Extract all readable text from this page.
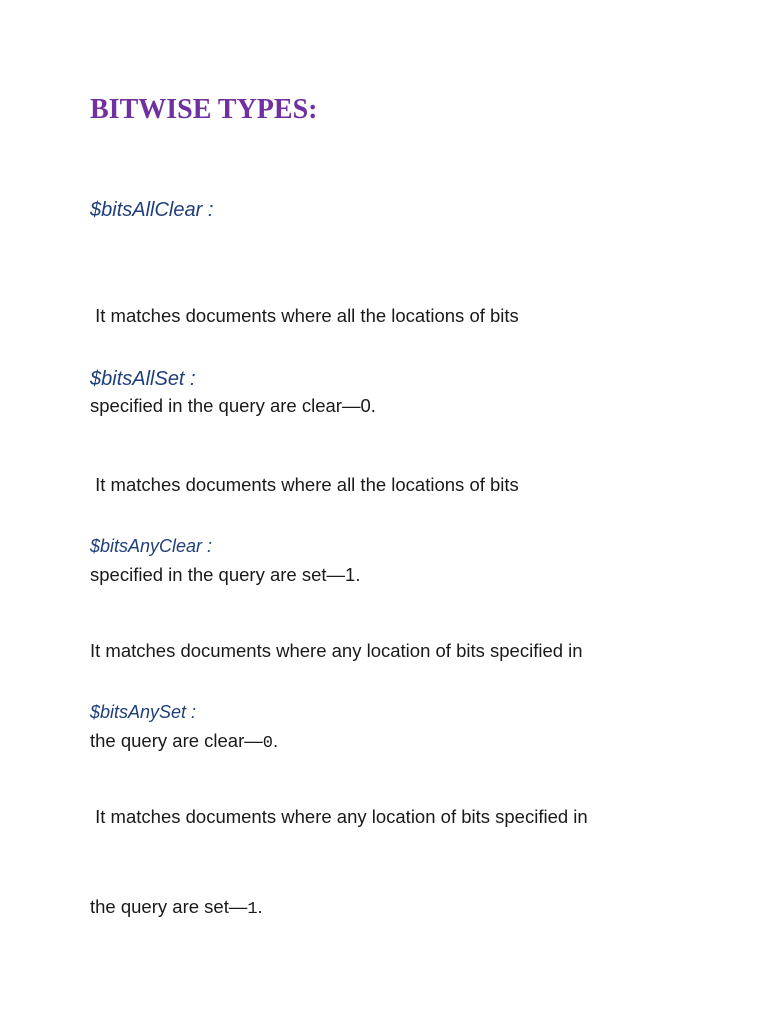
BITWISE TYPES:

$bitsAllClear :

It matches documents where all the locations of bits

specified in the query are clear—0.

$bitsAllSet :

It matches documents where all the locations of bits

specified in the query are set—1.

$bitsAnyClear :

It matches documents where any location of bits specified in

the query are clear—0.

$bitsAnySet :

It matches documents where any location of bits specified in

the query are set—1.
